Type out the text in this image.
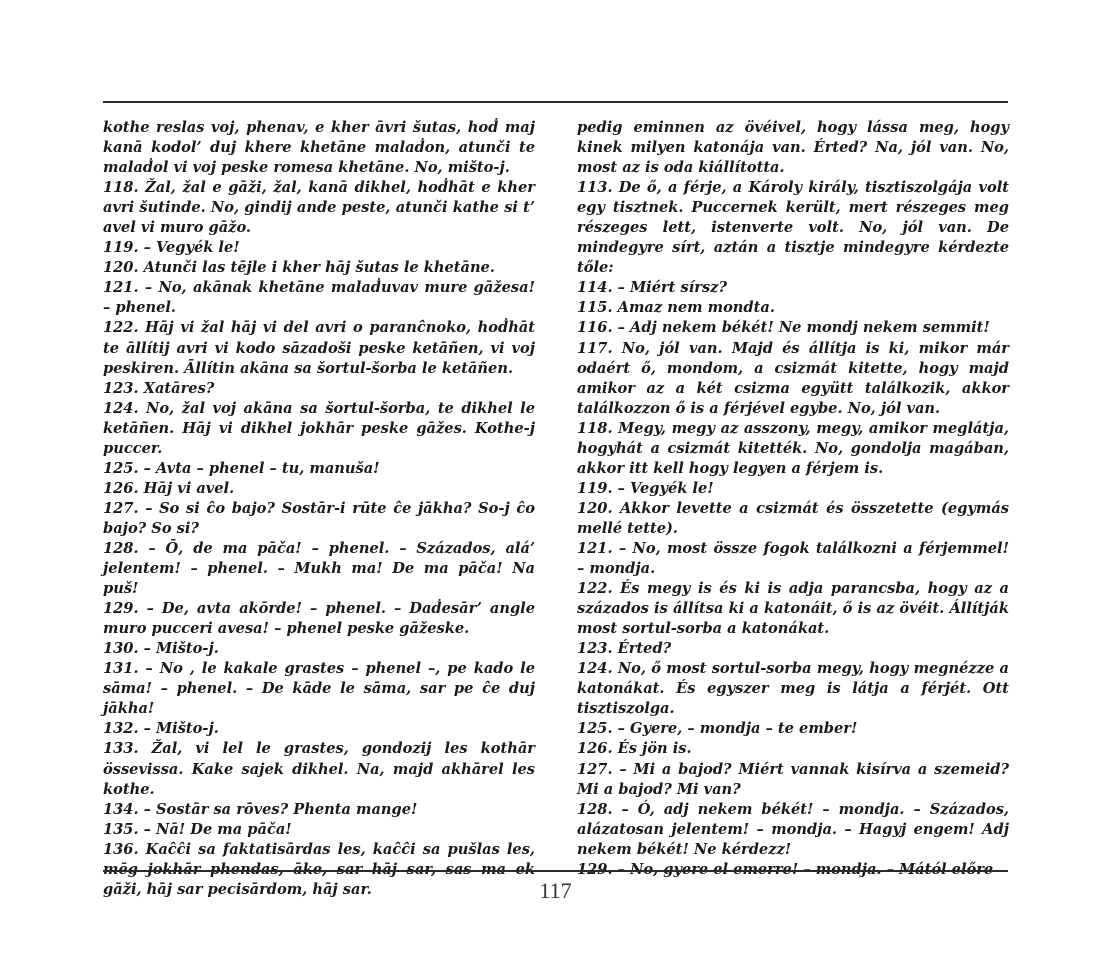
kothe reslas voj, phenav, e kher āvri šutas, hoḋ maj kanā kodol’ duj khere khetāne malaḋon, atunči te malaḋol vi voj peske romesa khetāne. No, mišto-j.

118. Žal, žal e gāži, žal, kanā dikhel, hoḋhāt e kher avri šutinde. No, gindij ande peste, atunči kathe si t’ avel vi muro gāžo.

119. – Vegyék le!

120. Atunči las tējle i kher hāj šutas le khetāne.

121. – No, akānak khetāne malaḋuvav mure gāžesa! – phenel.

122. Hāj vi žal hāj vi del avri o paranĉnoko, hoḋhāt te āllítij avri vi kodo sāzadoši peske ketāñen, vi voj peskiren. Āllítin akāna sa šortul-šorba le ketāñen.

123. Xatāres?

124. No, žal voj akāna sa šortul-šorba, te dikhel le ketāñen. Hāj vi dikhel jokhār peske gāžes. Kothe-j puccer.

125. – Avta – phenel – tu, manuša!

126. Hāj vi avel.

127. – So si ĉo bajo? Sostār-i rūte ĉe jākha? So-j ĉo bajo? So si?

128. – Ō, de ma pāča! – phenel. – Százados, alá’ jelentem! – phenel. – Mukh ma! De ma pāča! Na puš!

129. – De, avta akōrde! – phenel. – Daḋesār’ angle muro pucceri avesa! – phenel peske gāžeske.

130. – Mišto-j.

131. – No , le kakale grastes – phenel –, pe kado le sāma! – phenel. – De kāde le sāma, sar pe ĉe duj jākha!

132. – Mišto-j.

133. Žal, vi lel le grastes, gondozij les kothār össevissa. Kake sajek dikhel. Na, majd akhārel les kothe.

134. – Sostār sa rōves? Phenta mange!

135. – Nā! De ma pāča!

136. Kaĉĉi sa faktatisārdas les, kaĉĉi sa pušlas les, mēg jokhār phendas, āke, sar hāj sar, sas ma ek gāži, hāj sar pecisārdom, hāj sar.

pedig eminnen az övéivel, hogy lássa meg, hogy kinek milyen katonája van. Érted? Na, jól van. No, most az is oda kiállította.

113. De ő, a férje, a Károly király, tisztiszolgája volt egy tisztnek. Puccernek került, mert részeges meg részeges lett, istenverte volt. No, jól van. De mindegyre sírt, aztán a tisztje mindegyre kérdezte tőle:

114. – Miért sírsz?

115. Amaz nem mondta.

116. – Adj nekem békét! Ne mondj nekem semmit!

117. No, jól van. Majd és állítja is ki, mikor már odaért ő, mondom, a csizmát kitette, hogy majd amikor az a két csizma együtt találkozik, akkor találkozzon ő is a férjével egybe. No, jól van.

118. Megy, megy az asszony, megy, amikor meglátja, hogyhát a csizmát kitették. No, gondolja magában, akkor itt kell hogy legyen a férjem is.

119. – Vegyék le!

120. Akkor levette a csizmát és összetette (egymás mellé tette).

121. – No, most össze fogok találkozni a férjemmel! – mondja.

122. És megy is és ki is adja parancsba, hogy az a százados is állítsa ki a katonáit, ő is az övéit. Állítják most sortul-sorba a katonákat.

123. Érted?

124. No, ő most sortul-sorba megy, hogy megnézze a katonákat. És egyszer meg is látja a férjét. Ott tisztiszolga.

125. – Gyere, – mondja – te ember!

126. És jön is.

127. – Mi a bajod? Miért vannak kisírva a szemeid? Mi a bajod? Mi van?

128. – Ó, adj nekem békét! – mondja. – Százados, alázatosan jelentem! – mondja. – Hagyj engem! Adj nekem békét! Ne kérdezz!

129. – No, gyere el emerre! – mondja. – Mától előre

117
